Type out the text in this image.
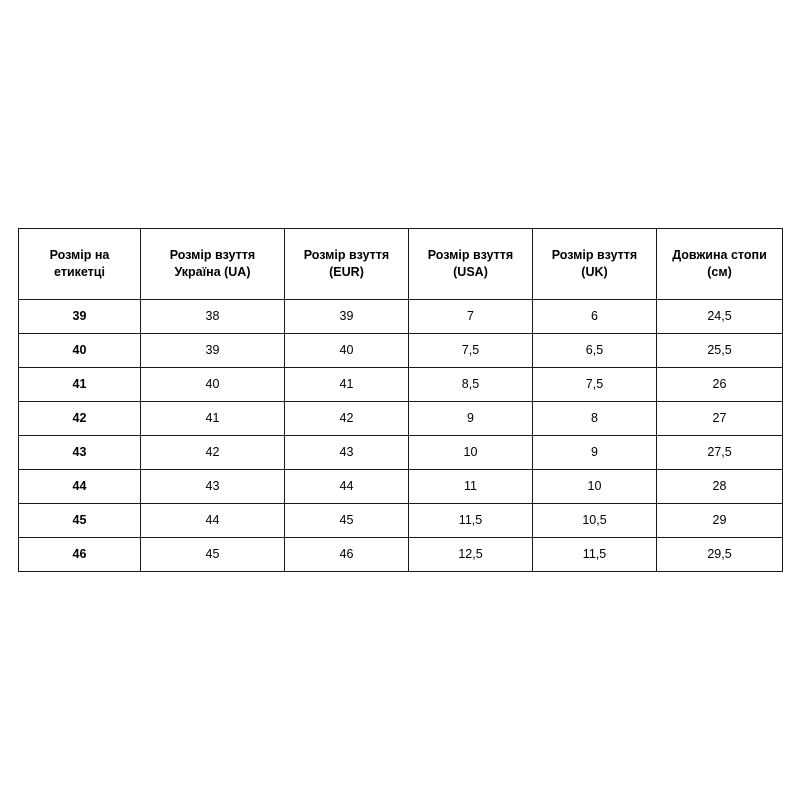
Розмір на етикетці	Розмір взуття Україна (UA)	Розмір взуття (EUR)	Розмір взуття (USA)	Розмір взуття (UK)	Довжина стопи (см)
39	38	39	7	6	24,5
40	39	40	7,5	6,5	25,5
41	40	41	8,5	7,5	26
42	41	42	9	8	27
43	42	43	10	9	27,5
44	43	44	11	10	28
45	44	45	11,5	10,5	29
46	45	46	12,5	11,5	29,5
